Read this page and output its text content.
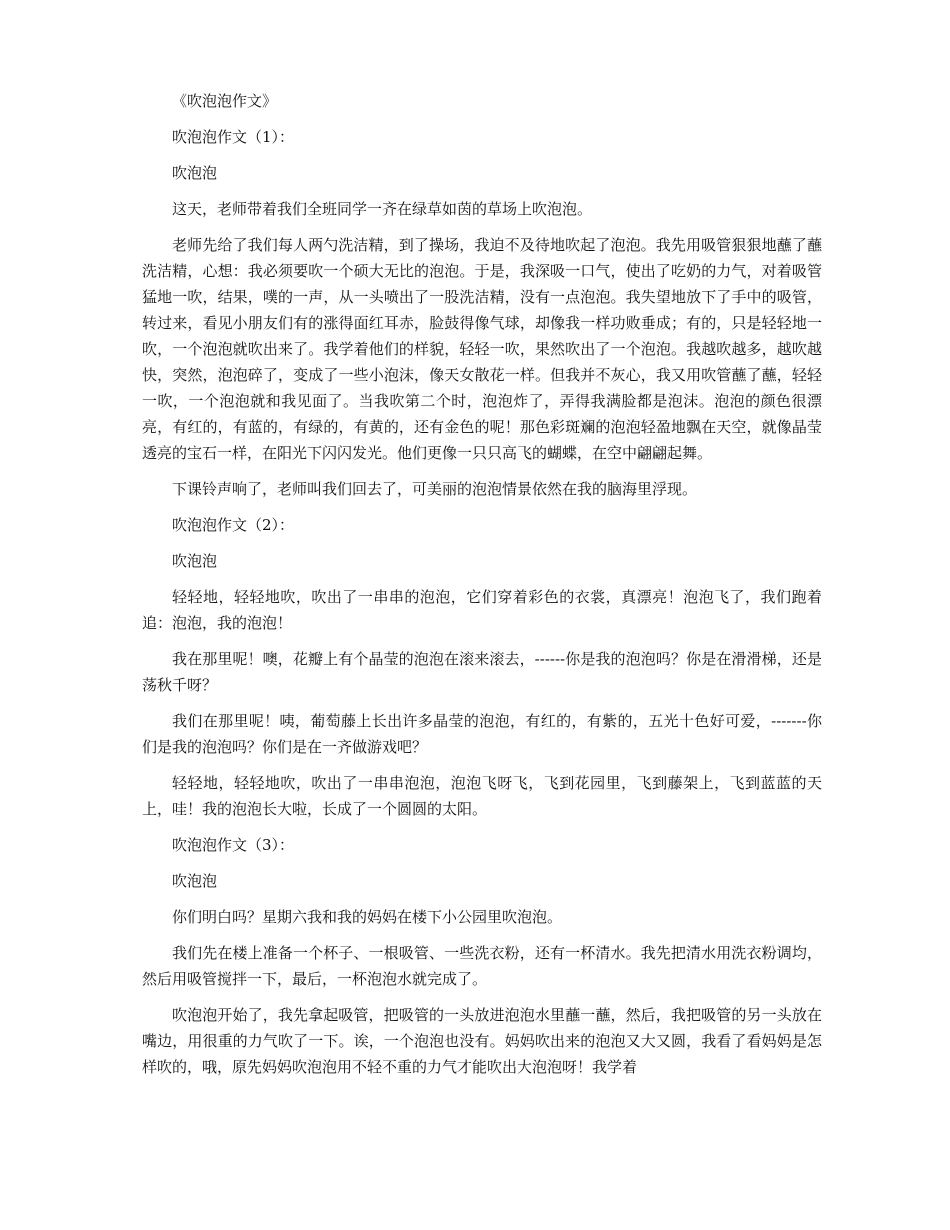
《吹泡泡作文》

吹泡泡作文（1）：

吹泡泡

这天，老师带着我们全班同学一齐在绿草如茵的草场上吹泡泡。

老师先给了我们每人两勺洗洁精，到了操场，我迫不及待地吹起了泡泡。我先用吸管狠狠地蘸了蘸洗洁精，心想：我必须要吹一个硕大无比的泡泡。于是，我深吸一口气，使出了吃奶的力气，对着吸管猛地一吹，结果，噗的一声，从一头喷出了一股洗洁精，没有一点泡泡。我失望地放下了手中的吸管，转过来，看见小朋友们有的涨得面红耳赤，脸鼓得像气球，却像我一样功败垂成；有的，只是轻轻地一吹，一个泡泡就吹出来了。我学着他们的样貌，轻轻一吹，果然吹出了一个泡泡。我越吹越多，越吹越快，突然，泡泡碎了，变成了一些小泡沫，像天女散花一样。但我并不灰心，我又用吹管蘸了蘸，轻轻一吹，一个泡泡就和我见面了。当我吹第二个时，泡泡炸了，弄得我满脸都是泡沫。泡泡的颜色很漂亮，有红的，有蓝的，有绿的，有黄的，还有金色的呢！那色彩斑斓的泡泡轻盈地飘在天空，就像晶莹透亮的宝石一样，在阳光下闪闪发光。他们更像一只只高飞的蝴蝶，在空中翩翩起舞。

下课铃声响了，老师叫我们回去了，可美丽的泡泡情景依然在我的脑海里浮现。

吹泡泡作文（2）：

吹泡泡

轻轻地，轻轻地吹，吹出了一串串的泡泡，它们穿着彩色的衣裳，真漂亮！泡泡飞了，我们跑着追：泡泡，我的泡泡！

我在那里呢！噢，花瓣上有个晶莹的泡泡在滚来滚去，------你是我的泡泡吗？你是在滑滑梯，还是荡秋千呀？

我们在那里呢！咦，葡萄藤上长出许多晶莹的泡泡，有红的，有紫的，五光十色好可爱，-------你们是我的泡泡吗？你们是在一齐做游戏吧？

轻轻地，轻轻地吹，吹出了一串串泡泡，泡泡飞呀飞，飞到花园里，飞到藤架上，飞到蓝蓝的天上，哇！我的泡泡长大啦，长成了一个圆圆的太阳。

吹泡泡作文（3）：

吹泡泡

你们明白吗？星期六我和我的妈妈在楼下小公园里吹泡泡。

我们先在楼上准备一个杯子、一根吸管、一些洗衣粉，还有一杯清水。我先把清水用洗衣粉调均，然后用吸管搅拌一下，最后，一杯泡泡水就完成了。

吹泡泡开始了，我先拿起吸管，把吸管的一头放进泡泡水里蘸一蘸，然后，我把吸管的另一头放在嘴边，用很重的力气吹了一下。诶，一个泡泡也没有。妈妈吹出来的泡泡又大又圆，我看了看妈妈是怎样吹的，哦，原先妈妈吹泡泡用不轻不重的力气才能吹出大泡泡呀！我学着
